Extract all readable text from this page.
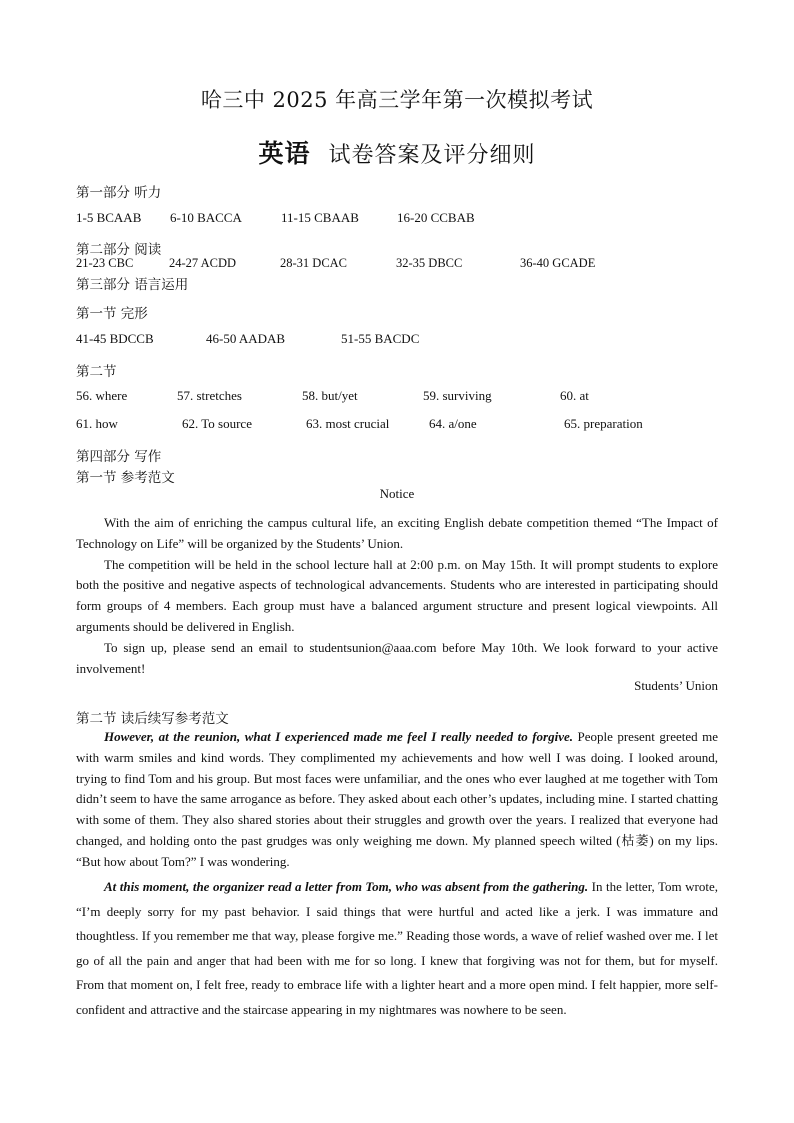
哈三中 2025 年高三学年第一次模拟考试
英语 试卷答案及评分细则
第一部分 听力
1-5 BCAAB 6-10 BACCA	11-15 CBAAB	16-20 CCBAB
第二部分 阅读
21-23 CBC	24-27 ACDD	28-31 DCAC	32-35 DBCC	36-40 GCADE
第三部分 语言运用
第一节 完形
41-45 BDCCB	46-50 AADAB	51-55 BACDC
第二节
56. where	57. stretches	58. but/yet	59. surviving	60. at
61. how	62. To source	63. most crucial	64. a/one	65. preparation
第四部分 写作
第一节 参考范文
Notice

With the aim of enriching the campus cultural life, an exciting English debate competition themed “The Impact of Technology on Life” will be organized by the Students’ Union.

The competition will be held in the school lecture hall at 2:00 p.m. on May 15th. It will prompt students to explore both the positive and negative aspects of technological advancements. Students who are interested in participating should form groups of 4 members. Each group must have a balanced argument structure and present logical viewpoints. All arguments should be delivered in English.

To sign up, please send an email to studentsunion@aaa.com before May 10th. We look forward to your active involvement!

Students’ Union
第二节 读后续写参考范文

However, at the reunion, what I experienced made me feel I really needed to forgive. People present greeted me with warm smiles and kind words. They complimented my achievements and how well I was doing. I looked around, trying to find Tom and his group. But most faces were unfamiliar, and the ones who ever laughed at me together with Tom didn’t seem to have the same arrogance as before. They asked about each other’s updates, including mine. I started chatting with some of them. They also shared stories about their struggles and growth over the years. I realized that everyone had changed, and holding onto the past grudges was only weighing me down. My planned speech wilted (枯萎) on my lips. “But how about Tom?” I was wondering.

At this moment, the organizer read a letter from Tom, who was absent from the gathering. In the letter, Tom wrote, “I’m deeply sorry for my past behavior. I said things that were hurtful and acted like a jerk. I was immature and thoughtless. If you remember me that way, please forgive me.” Reading those words, a wave of relief washed over me. I let go of all the pain and anger that had been with me for so long. I knew that forgiving was not for them, but for myself. From that moment on, I felt free, ready to embrace life with a lighter heart and a more open mind. I felt happier, more self-confident and attractive and the staircase appearing in my nightmares was nowhere to be seen.
